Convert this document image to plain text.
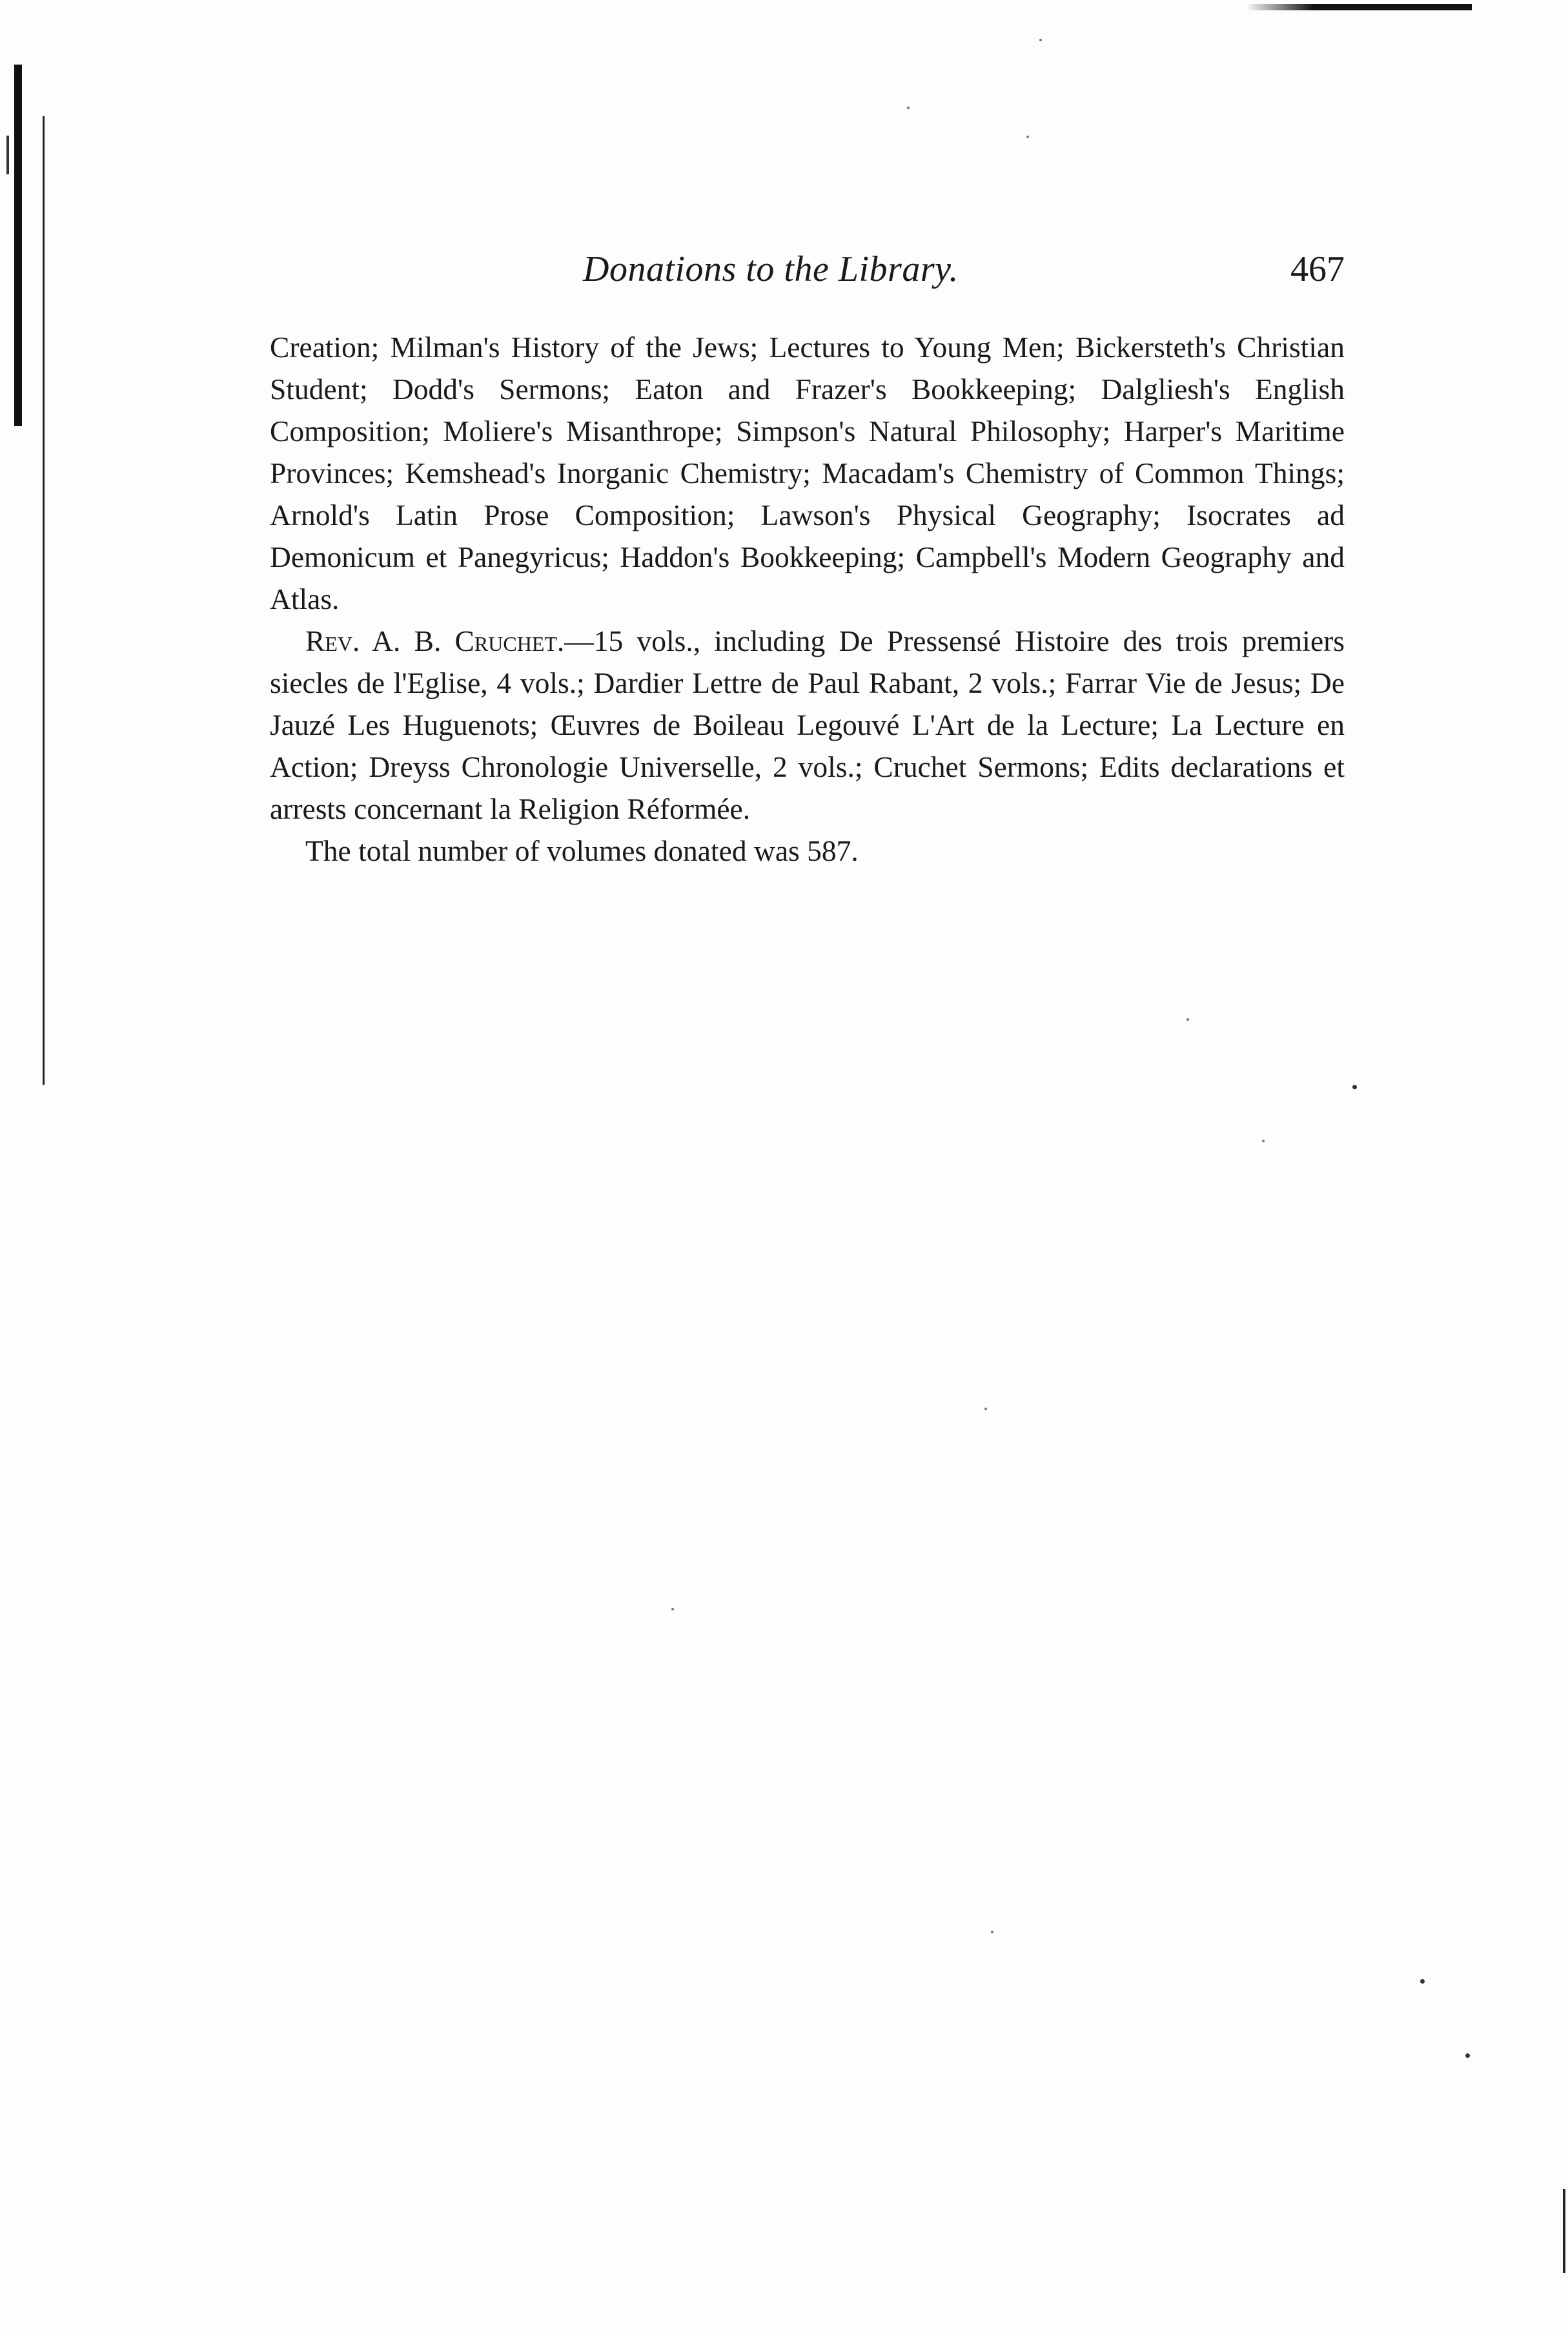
Donations to the Library.	467

Creation; Milman's History of the Jews; Lectures to Young Men; Bickersteth's Christian Student; Dodd's Sermons; Eaton and Frazer's Bookkeeping; Dalgliesh's English Composition; Moliere's Misanthrope; Simpson's Natural Philosophy; Harper's Maritime Provinces; Kemshead's Inorganic Chemistry; Macadam's Chemistry of Common Things; Arnold's Latin Prose Composition; Lawson's Physical Geography; Isocrates ad Demonicum et Panegyricus; Haddon's Bookkeeping; Campbell's Modern Geography and Atlas.

Rev. A. B. Cruchet.—15 vols., including De Pressensé Histoire des trois premiers siecles de l'Eglise, 4 vols.; Dardier Lettre de Paul Rabant, 2 vols.; Farrar Vie de Jesus; De Jauzé Les Huguenots; Œuvres de Boileau Legouvé L'Art de la Lecture; La Lecture en Action; Dreyss Chronologie Universelle, 2 vols.; Cruchet Sermons; Edits declarations et arrests concernant la Religion Réformée.

The total number of volumes donated was 587.
